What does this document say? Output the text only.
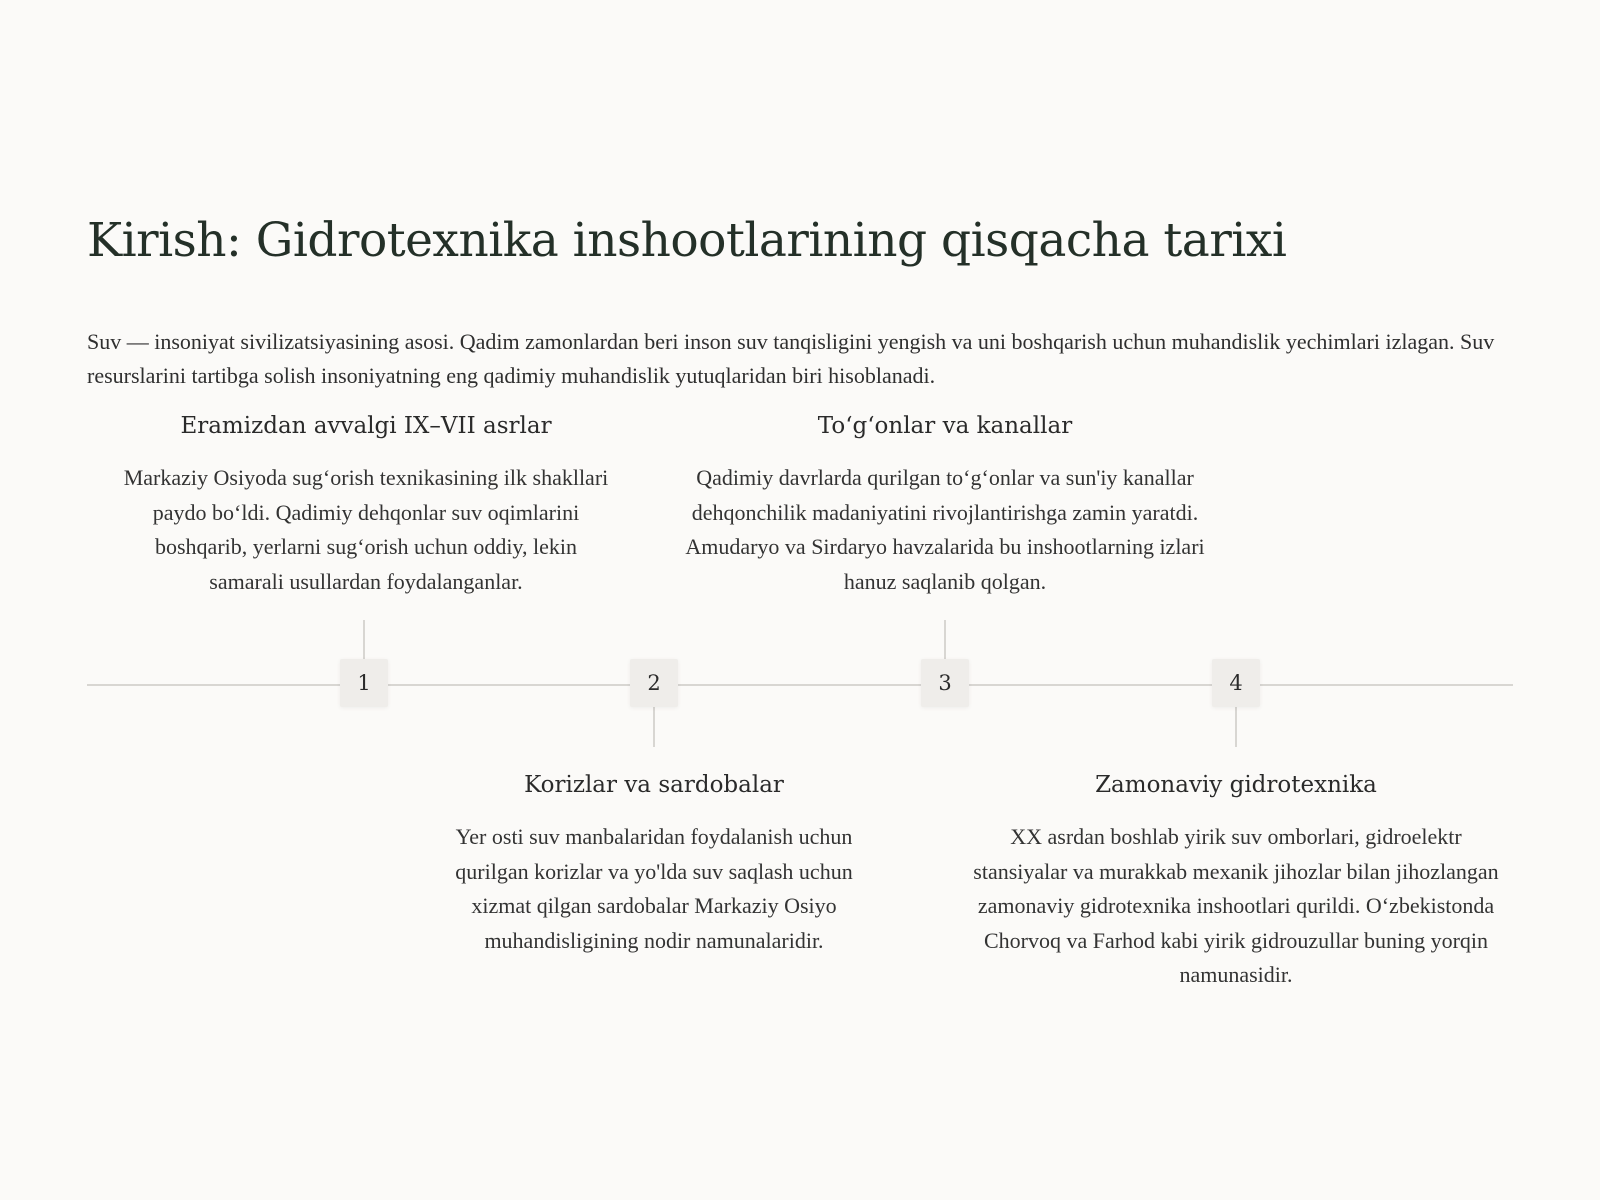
Kirish: Gidrotexnika inshootlarining qisqacha tarixi

Suv — insoniyat sivilizatsiyasining asosi. Qadim zamonlardan beri inson suv tanqisligini yengish va uni boshqarish uchun muhandislik yechimlari izlagan. Suv resurslarini tartibga solish insoniyatning eng qadimiy muhandislik yutuqlaridan biri hisoblanadi.

Eramizdan avvalgi IX–VII asrlar

Markaziy Osiyoda sug‘orish texnikasining ilk shakllari paydo bo‘ldi. Qadimiy dehqonlar suv oqimlarini boshqarib, yerlarni sug‘orish uchun oddiy, lekin samarali usullardan foydalanganlar.

To‘g‘onlar va kanallar

Qadimiy davrlarda qurilgan to‘g‘onlar va sun'iy kanallar dehqonchilik madaniyatini rivojlantirishga zamin yaratdi. Amudaryo va Sirdaryo havzalarida bu inshootlarning izlari hanuz saqlanib qolgan.

1	2	3	4
Korizlar va sardobalar

Yer osti suv manbalaridan foydalanish uchun qurilgan korizlar va yo'lda suv saqlash uchun xizmat qilgan sardobalar Markaziy Osiyo muhandisligining nodir namunalaridir.

Zamonaviy gidrotexnika

XX asrdan boshlab yirik suv omborlari, gidroelektr stansiyalar va murakkab mexanik jihozlar bilan jihozlangan zamonaviy gidrotexnika inshootlari qurildi. O‘zbekistonda Chorvoq va Farhod kabi yirik gidrouzullar buning yorqin namunasidir.
